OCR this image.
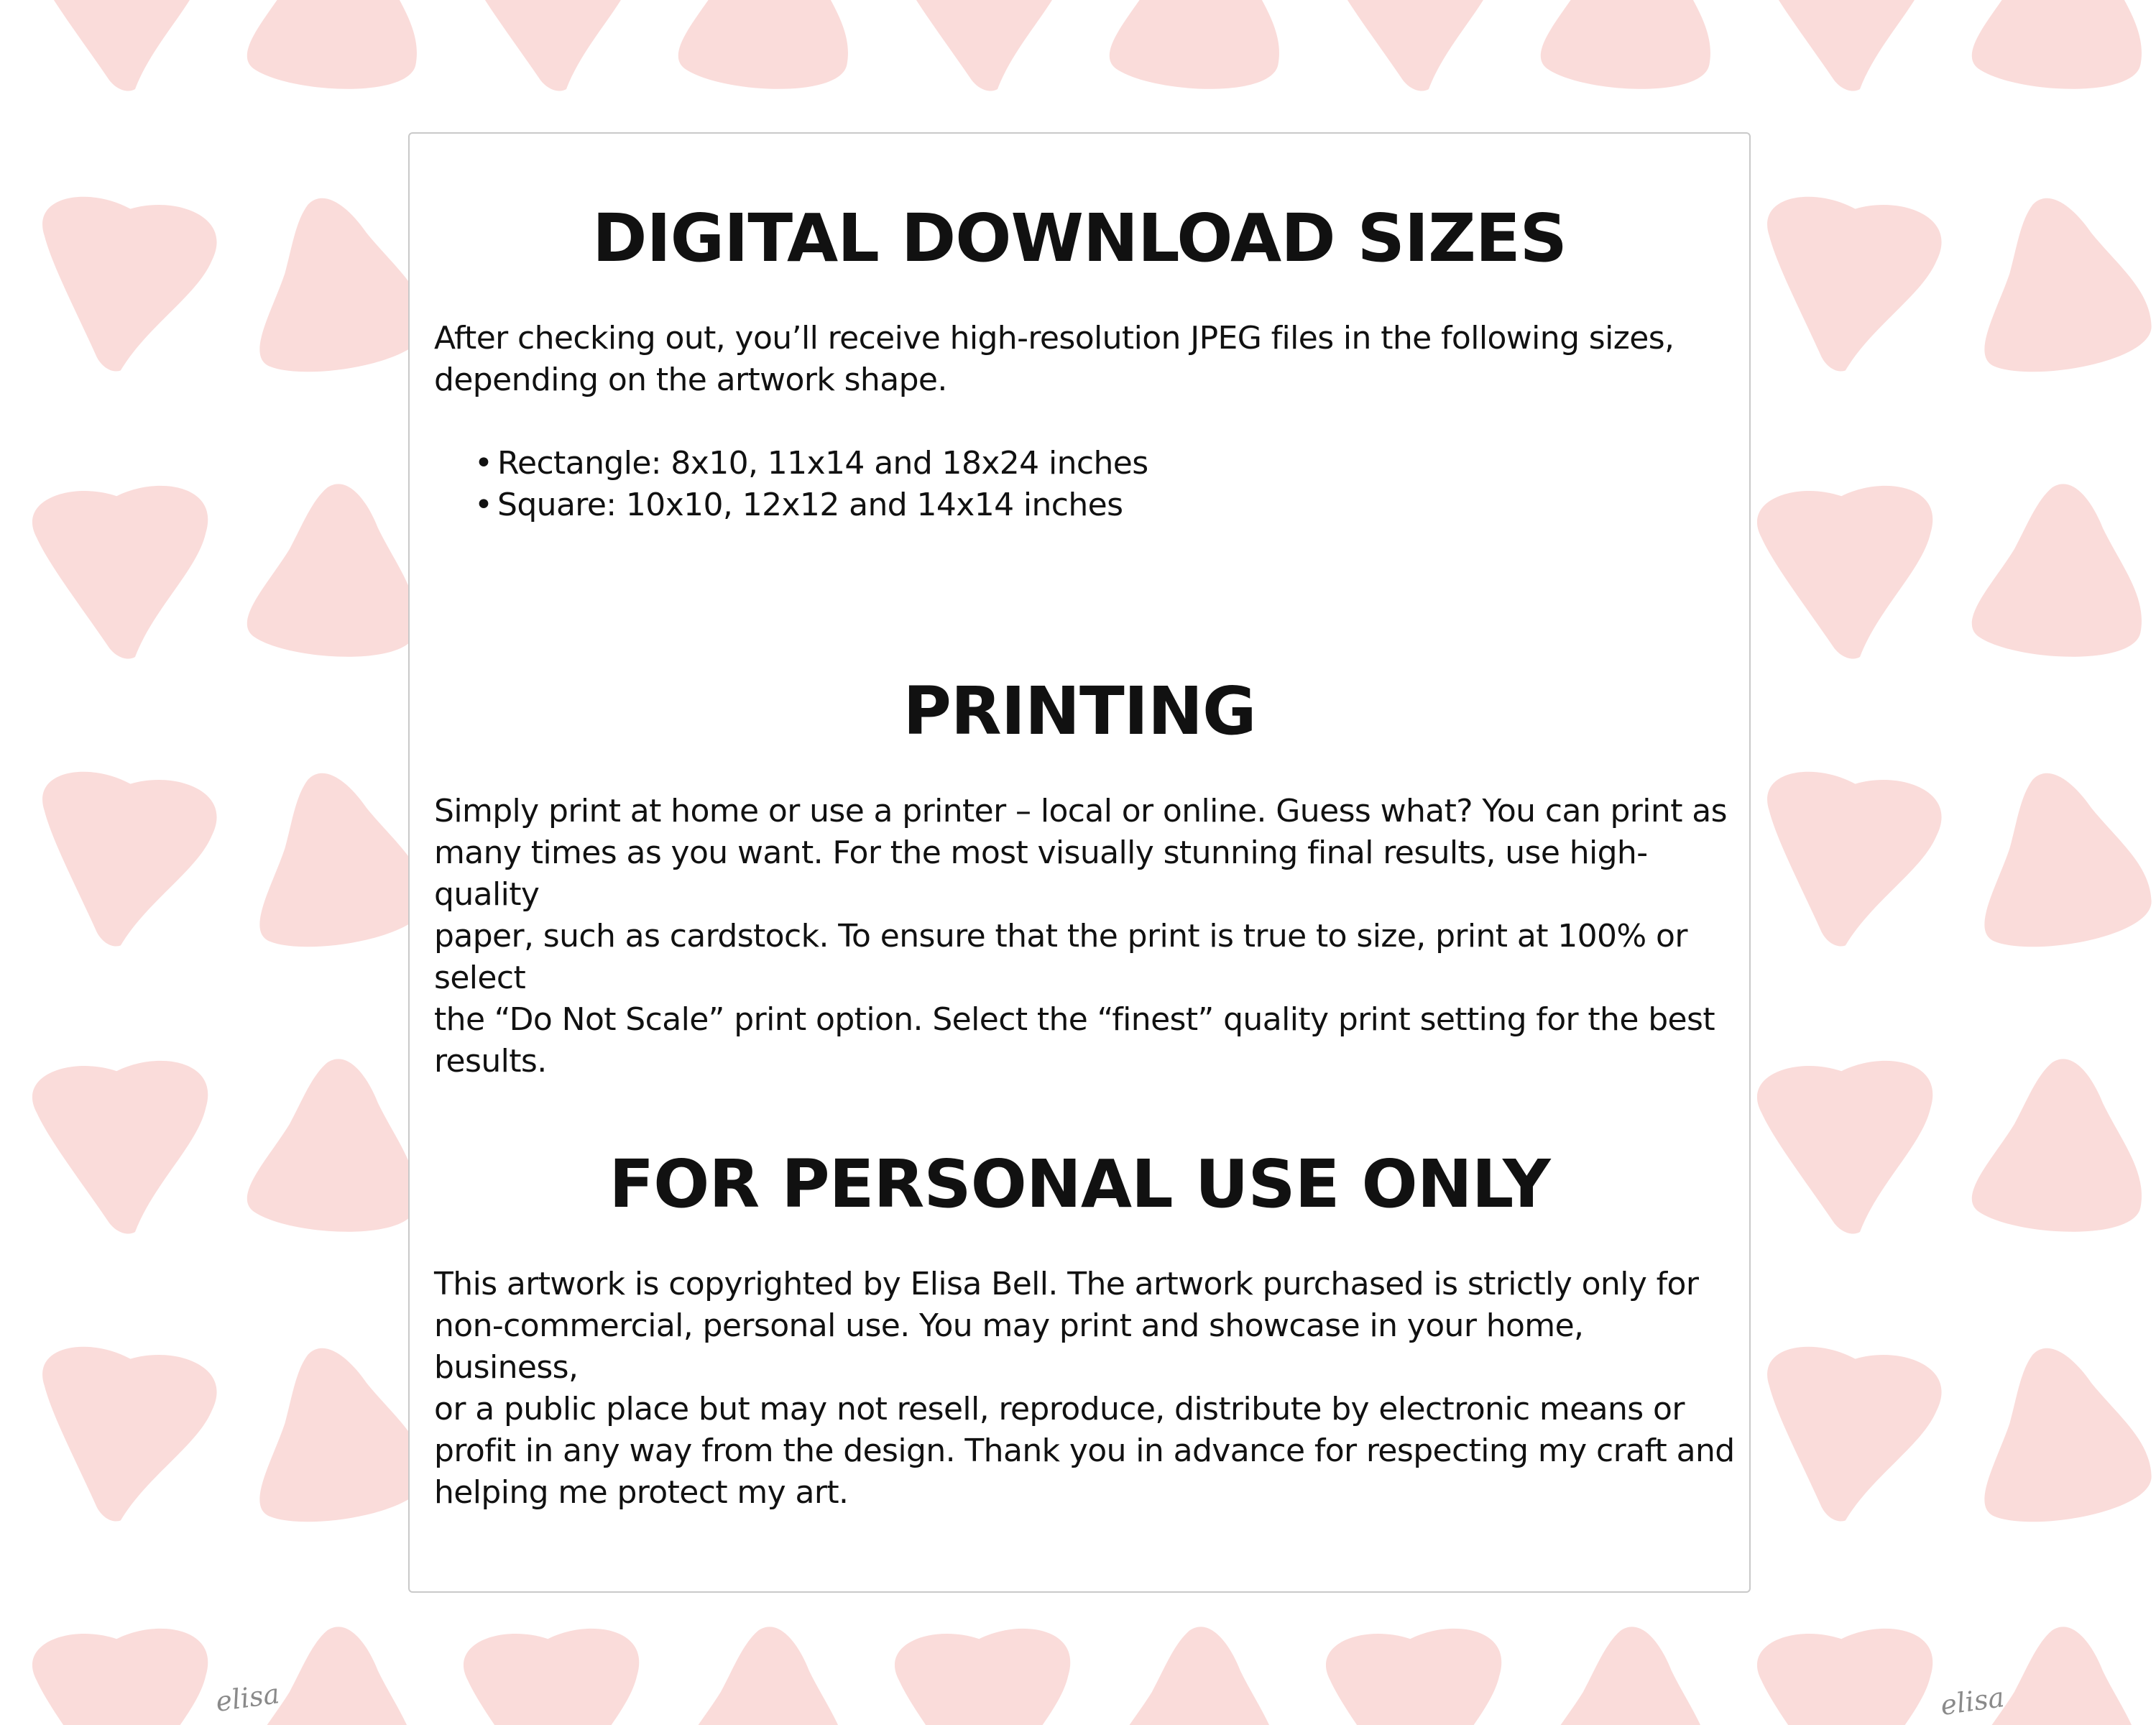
DIGITAL DOWNLOAD SIZES

After checking out, you’ll receive high-resolution JPEG files in the following sizes,
depending on the artwork shape.

• Rectangle: 8x10, 11x14 and 18x24 inches
• Square: 10x10, 12x12 and 14x14 inches
PRINTING

Simply print at home or use a printer – local or online. Guess what? You can print as
many times as you want. For the most visually stunning final results, use high-quality
paper, such as cardstock. To ensure that the print is true to size, print at 100% or select
the “Do Not Scale” print option. Select the “finest” quality print setting for the best
results.

FOR PERSONAL USE ONLY

This artwork is copyrighted by Elisa Bell. The artwork purchased is strictly only for
non-commercial, personal use. You may print and showcase in your home, business,
or a public place but may not resell, reproduce, distribute by electronic means or
profit in any way from the design. Thank you in advance for respecting my craft and
helping me protect my art.

elisa	elisa
